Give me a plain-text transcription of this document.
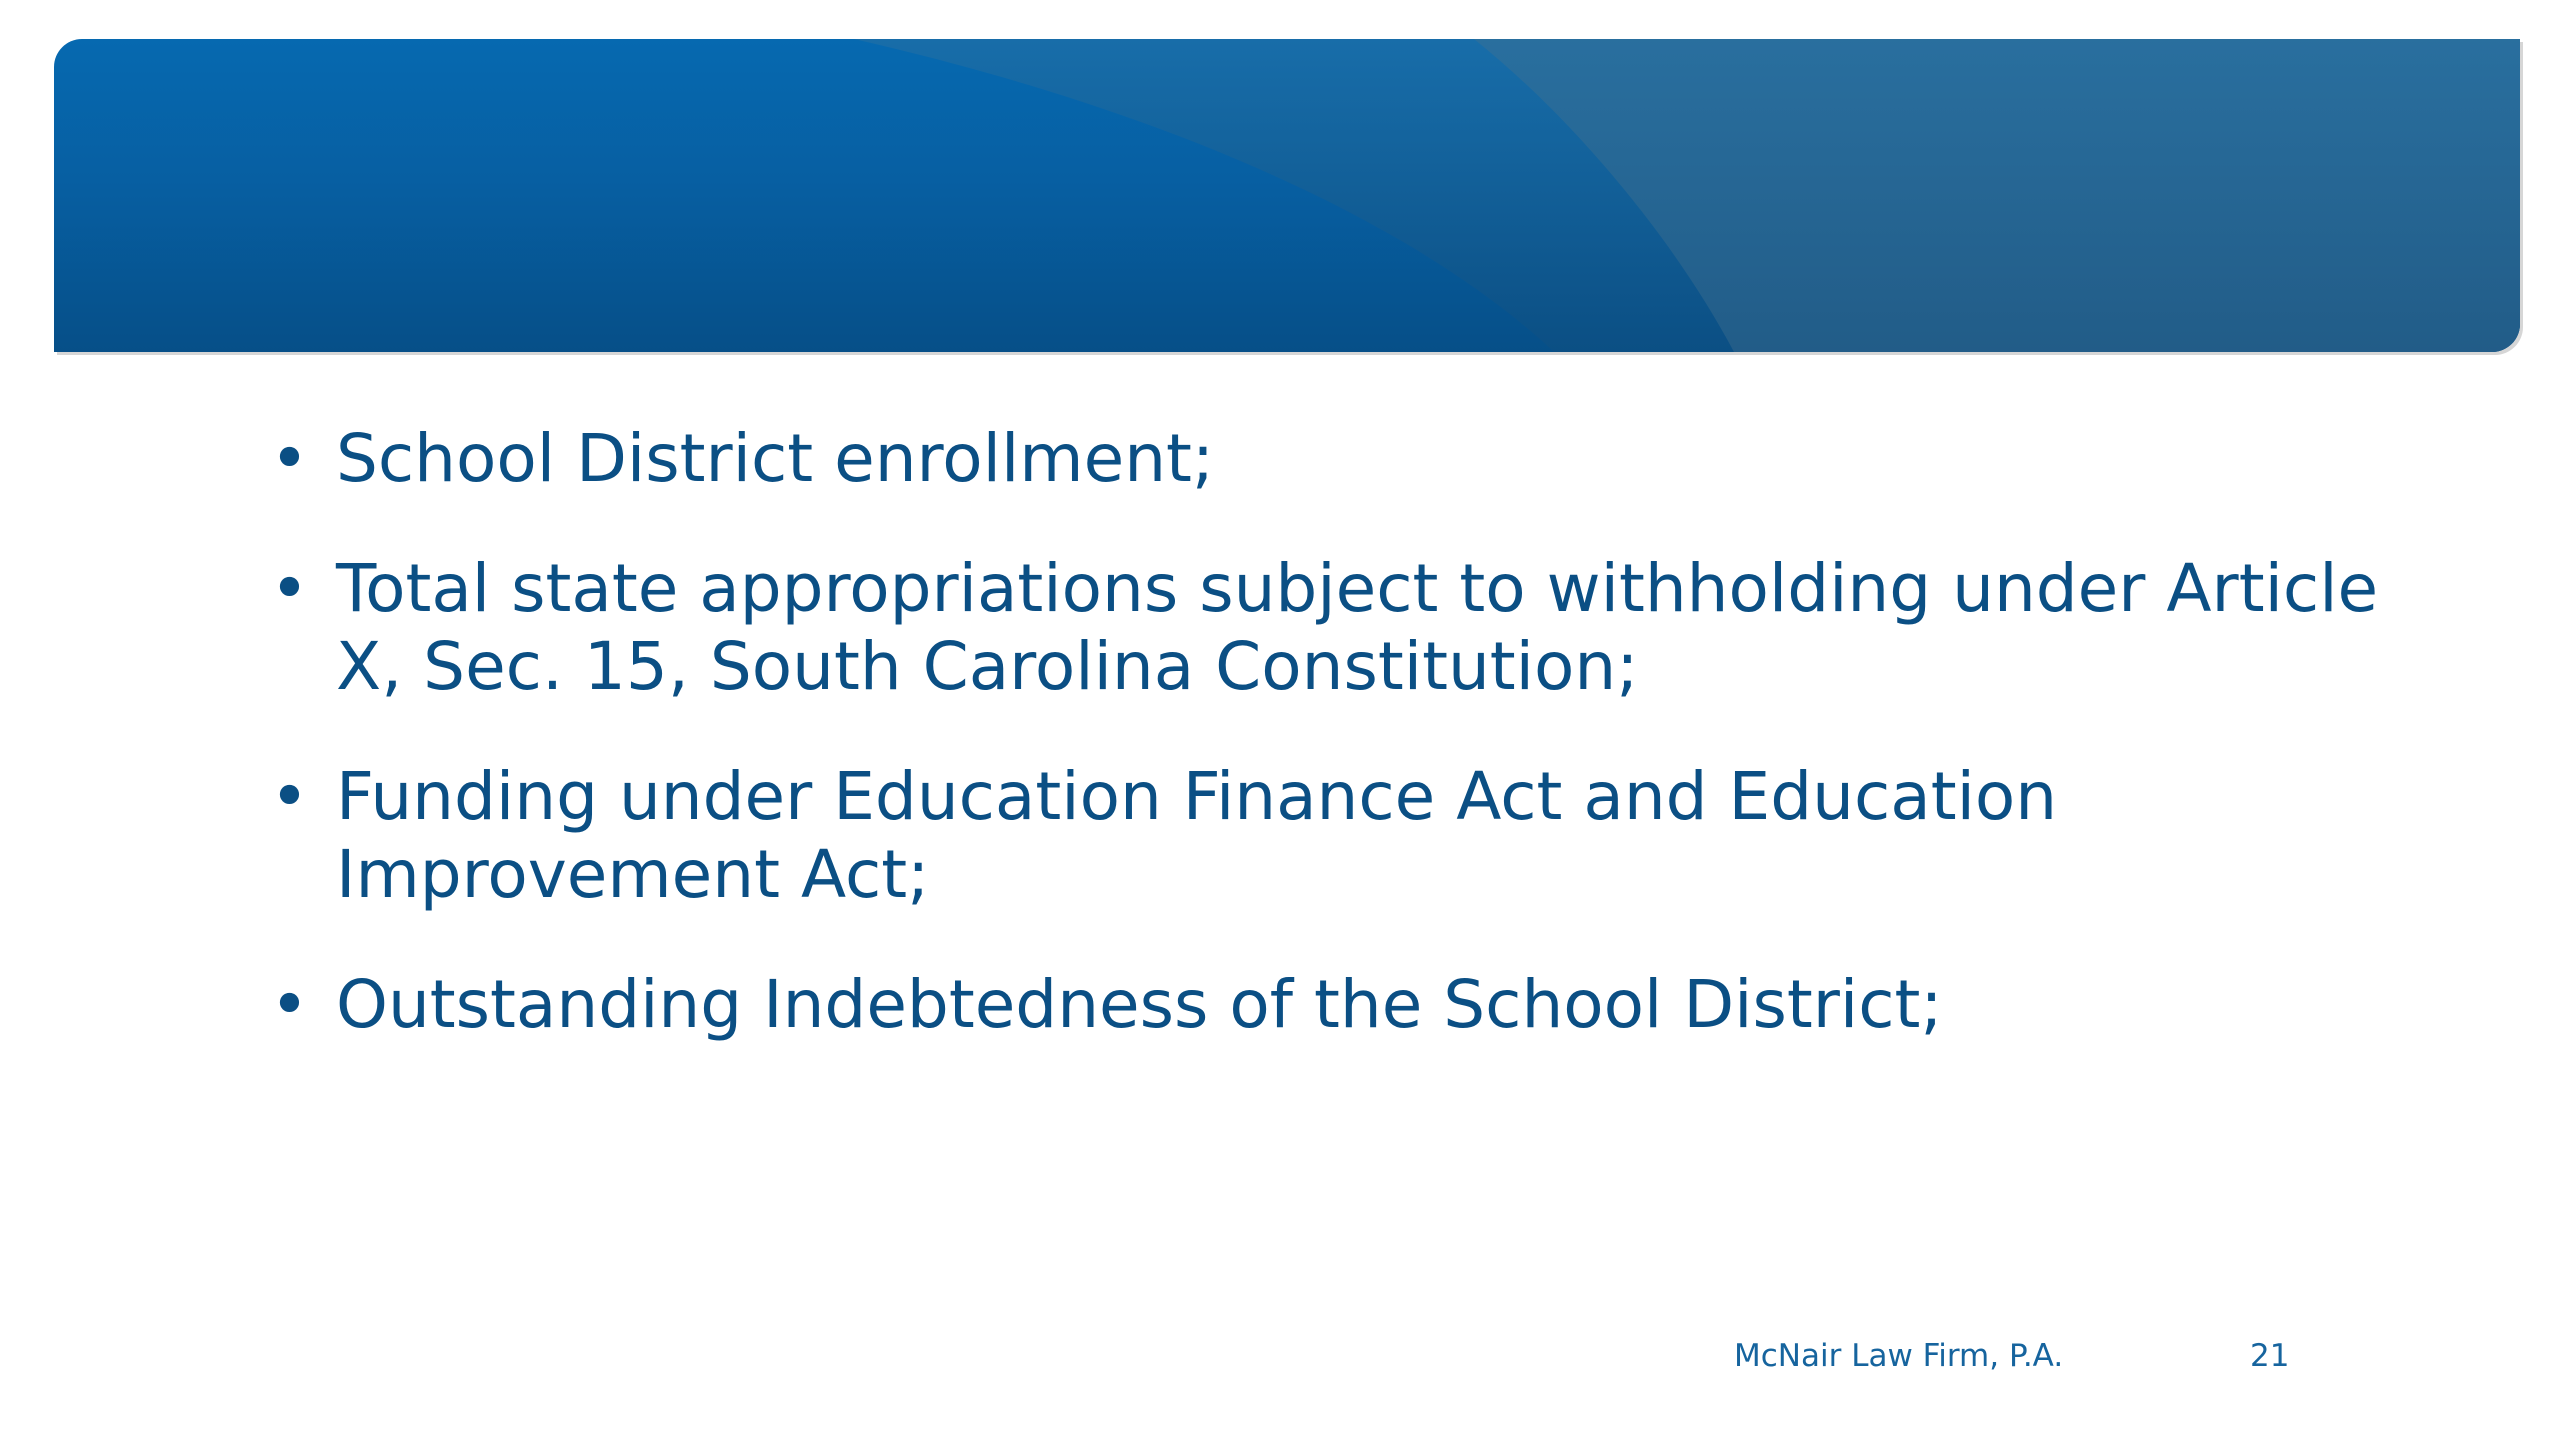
• School District enrollment;
• Total state appropriations subject to withholding under Article X, Sec. 15, South Carolina Constitution;
• Funding under Education Finance Act and Education Improvement Act;
• Outstanding Indebtedness of the School District;
McNair Law Firm, P.A.	21
